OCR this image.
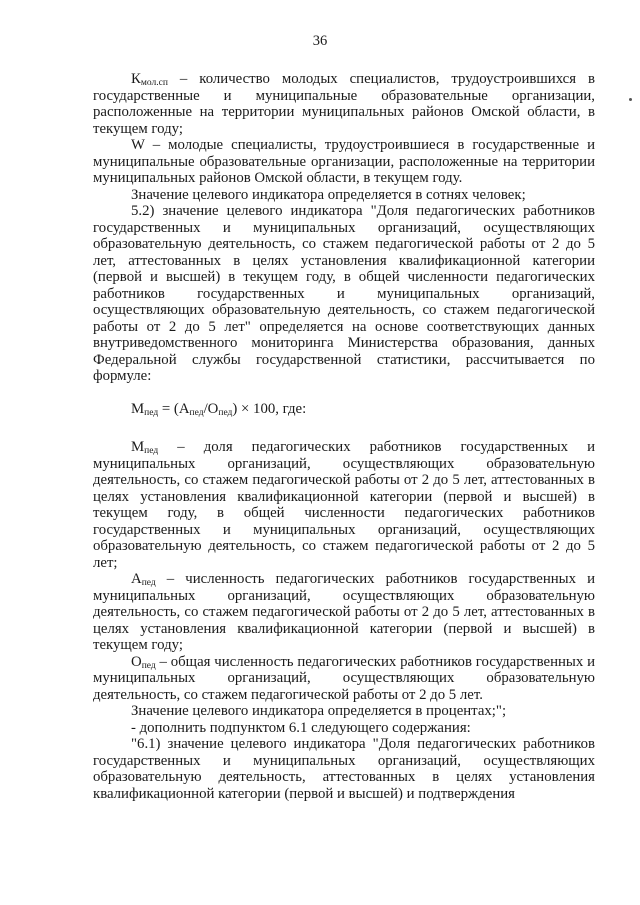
36

$К_{мол.сп}$ – количество молодых специалистов, трудоустроившихся в государственные и муниципальные образовательные организации, расположенные на территории муниципальных районов Омской области, в текущем году;

W – молодые специалисты, трудоустроившиеся в государственные и муниципальные образовательные организации, расположенные на территории муниципальных районов Омской области, в текущем году.

Значение целевого индикатора определяется в сотнях человек;

5.2) значение целевого индикатора "Доля педагогических работников государственных и муниципальных организаций, осуществляющих образовательную деятельность, со стажем педагогической работы от 2 до 5 лет, аттестованных в целях установления квалификационной категории (первой и высшей) в текущем году, в общей численности педагогических работников государственных и муниципальных организаций, осуществляющих образовательную деятельность, со стажем педагогической работы от 2 до 5 лет" определяется на основе соответствующих данных внутриведомственного мониторинга Министерства образования, данных Федеральной службы государственной статистики, рассчитывается по формуле:

$М_{пед} = (А_{пед}/О_{пед}) \times 100$, где:

$М_{пед}$ – доля педагогических работников государственных и муниципальных организаций, осуществляющих образовательную деятельность, со стажем педагогической работы от 2 до 5 лет, аттестованных в целях установления квалификационной категории (первой и высшей) в текущем году, в общей численности педагогических работников государственных и муниципальных организаций, осуществляющих образовательную деятельность, со стажем педагогической работы от 2 до 5 лет;

$А_{пед}$ – численность педагогических работников государственных и муниципальных организаций, осуществляющих образовательную деятельность, со стажем педагогической работы от 2 до 5 лет, аттестованных в целях установления квалификационной категории (первой и высшей) в текущем году;

$О_{пед}$ – общая численность педагогических работников государственных и муниципальных организаций, осуществляющих образовательную деятельность, со стажем педагогической работы от 2 до 5 лет.

Значение целевого индикатора определяется в процентах;";

- дополнить подпунктом 6.1 следующего содержания:

"6.1) значение целевого индикатора "Доля педагогических работников государственных и муниципальных организаций, осуществляющих образовательную деятельность, аттестованных в целях установления квалификационной категории (первой и высшей) и подтверждения
